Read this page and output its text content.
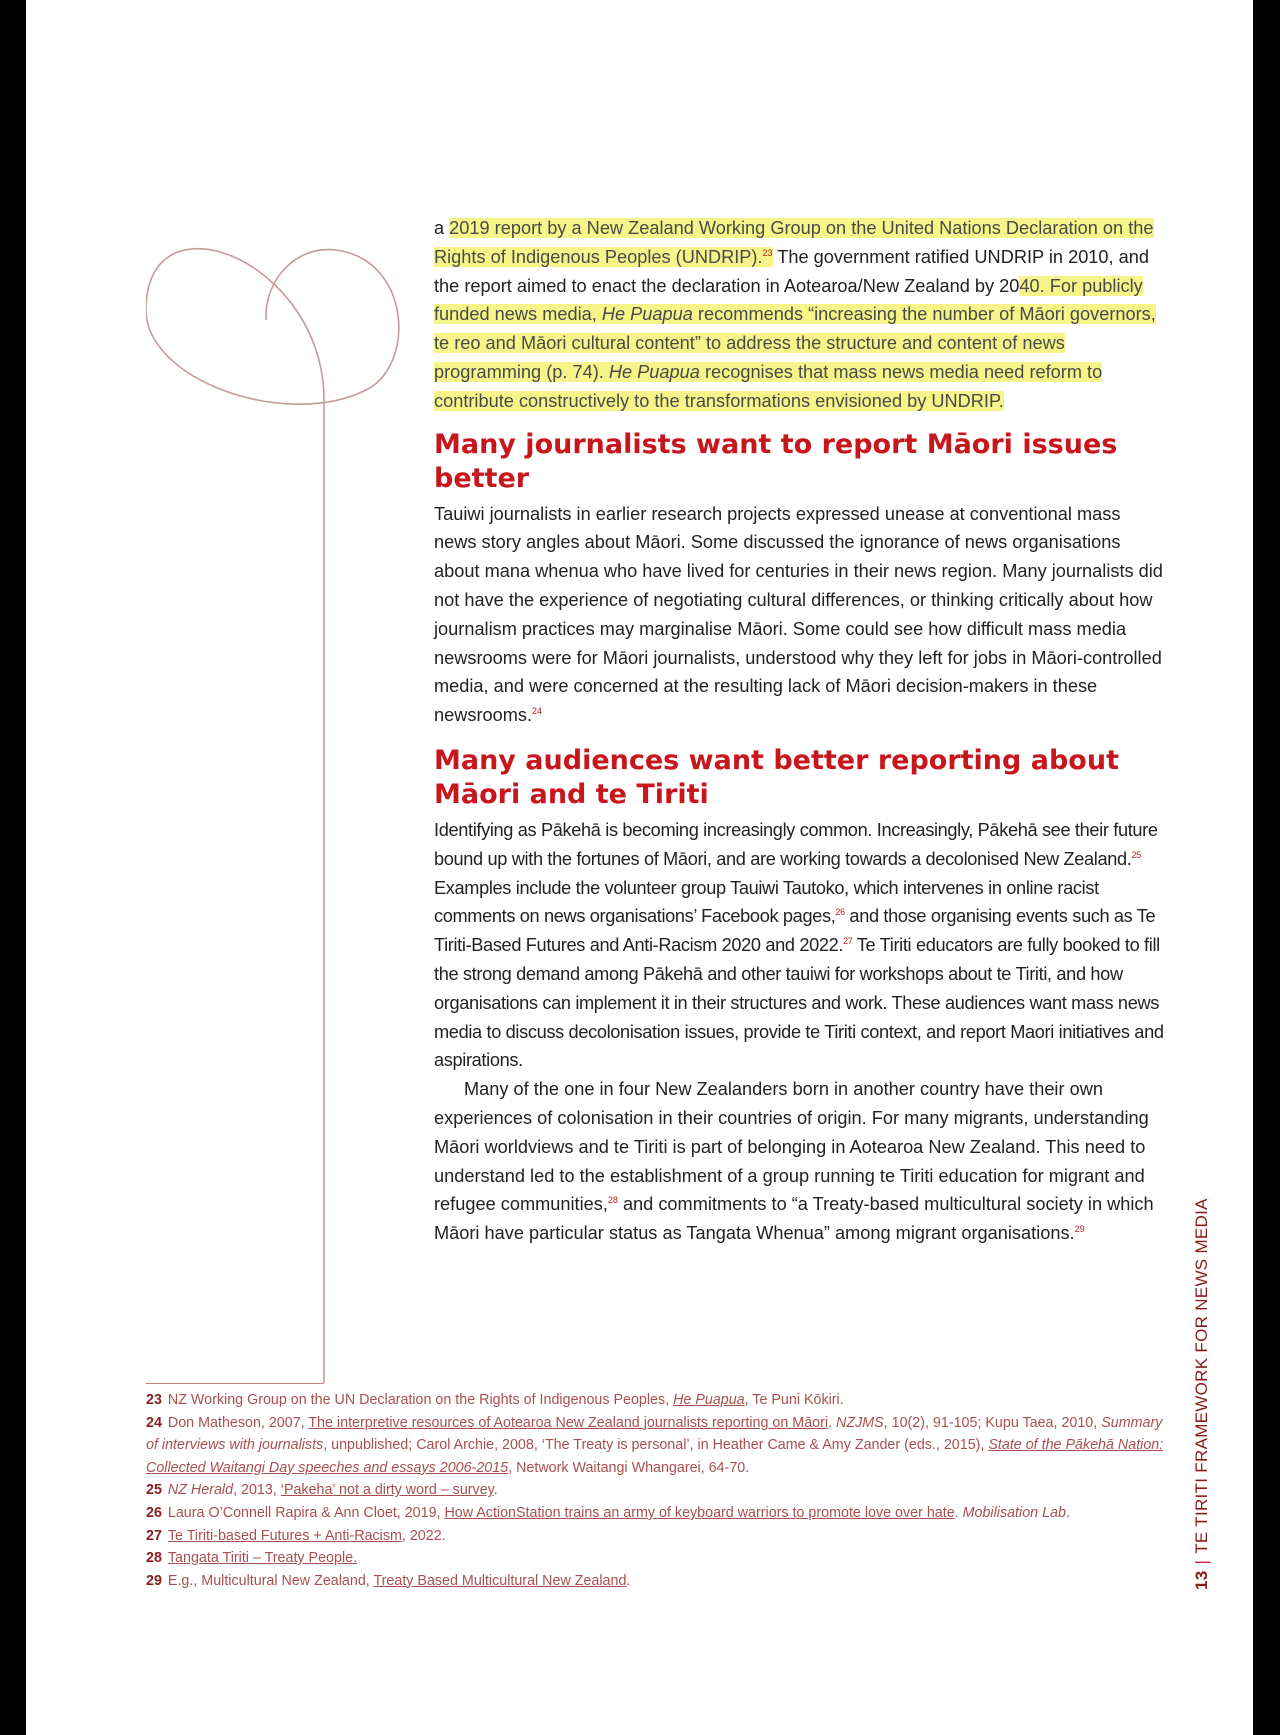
a 2019 report by a New Zealand Working Group on the United Nations Declaration on the Rights of Indigenous Peoples (UNDRIP).$^{23}$ The government ratified UNDRIP in 2010, and the report aimed to enact the declaration in Aotearoa/New Zealand by 2040. For publicly funded news media, He Puapua recommends “increasing the number of Māori governors, te reo and Māori cultural content” to address the structure and content of news programming (p. 74). He Puapua recognises that mass news media need reform to contribute constructively to the transformations envisioned by UNDRIP.

Many journalists want to report Māori issues better

Tauiwi journalists in earlier research projects expressed unease at conventional mass news story angles about Māori. Some discussed the ignorance of news organisations about mana whenua who have lived for centuries in their news region. Many journalists did not have the experience of negotiating cultural differences, or thinking critically about how journalism practices may marginalise Māori. Some could see how difficult mass media newsrooms were for Māori journalists, understood why they left for jobs in Māori-controlled media, and were concerned at the resulting lack of Māori decision-makers in these newsrooms.$^{24}$

Many audiences want better reporting about Māori and te Tiriti

Identifying as Pākehā is becoming increasingly common. Increasingly, Pākehā see their future bound up with the fortunes of Māori, and are working towards a decolonised New Zealand.$^{25}$ Examples include the volunteer group Tauiwi Tautoko, which intervenes in online racist comments on news organisations’ Facebook pages,$^{26}$ and those organising events such as Te Tiriti-Based Futures and Anti-Racism 2020 and 2022.27 Te Tiriti educators are fully booked to fill the strong demand among Pākehā and other tauiwi for workshops about te Tiriti, and how organisations can implement it in their structures and work. These audiences want mass news media to discuss decolonisation issues, provide te Tiriti context, and report Maori initiatives and aspirations.

Many of the one in four New Zealanders born in another country have their own experiences of colonisation in their countries of origin. For many migrants, understanding Māori worldviews and te Tiriti is part of belonging in Aotearoa New Zealand. This need to understand led to the establishment of a group running te Tiriti education for migrant and refugee communities,$^{28}$ and commitments to “a Treaty-based multicultural society in which Māori have particular status as Tangata Whenua” among migrant organisations.$^{29}$

23 NZ Working Group on the UN Declaration on the Rights of Indigenous Peoples, He Puapua, Te Puni Kōkiri.
24 Don Matheson, 2007, The interpretive resources of Aotearoa New Zealand journalists reporting on Māori. NZJMS, 10(2), 91-105; Kupu Taea, 2010, Summary of interviews with journalists, unpublished; Carol Archie, 2008, ‘The Treaty is personal’, in Heather Came & Amy Zander (eds., 2015), State of the Pākehā Nation: Collected Waitangi Day speeches and essays 2006-2015, Network Waitangi Whangarei, 64-70.
25 NZ Herald, 2013, ‘Pakeha’ not a dirty word – survey.
26 Laura O’Connell Rapira & Ann Cloet, 2019, How ActionStation trains an army of keyboard warriors to promote love over hate. Mobilisation Lab.
27 Te Tiriti-based Futures + Anti-Racism, 2022.
28 Tangata Tiriti – Treaty People.
29 E.g., Multicultural New Zealand, Treaty Based Multicultural New Zealand.	13|TE TIRITI FRAMEWORK FOR NEWS MEDIA
